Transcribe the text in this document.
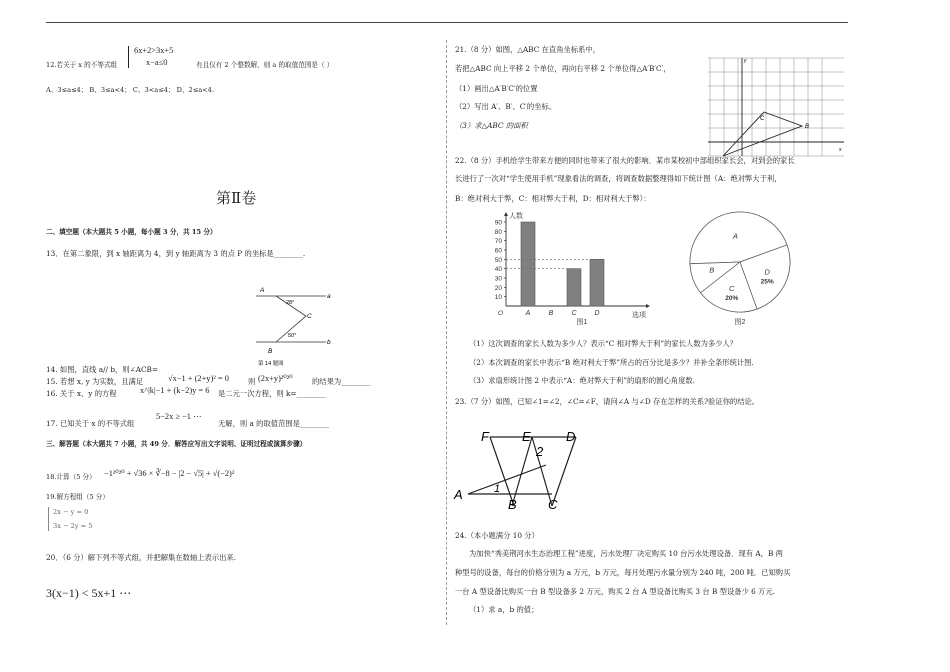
12.若关于 x 的不等式组
6x+2>3x+5
x−a≤0	有且仅有 2 个整数解，则 a 的取值范围是（ ）
A、3≤a≤4； B、3≤a<4； C、3<a≤4； D、2≤a<4.
第Ⅱ卷
二、填空题（本大题共 5 小题，每小题 3 分，共 15 分）
13．在第二象限，到 x 轴距离为 4，到 y 轴距离为 3 的点 P 的坐标是________.
A
a
28°
C
50°
b
B
第 14 题图
14. 如图，直线 a// b，则∠ACB=
15. 若想 x, y 为实数，且满足	√x−1 + (2+y)² = 0	则 (2x+y)²⁰²⁰	的结果为________
16. 关于 x、y 的方程	x^|k|−1 + (k−2)y = 6 是二元一次方程，则 k=________
17. 已知关于 x 的不等式组
5−2x ≥ −1 ⋯
无解，则 a 的取值范围是________
三、解答题（本大题共 7 小题，共 49 分．解答应写出文字说明、证明过程或演算步骤）
18.计算（5 分） −1²⁰²⁰ + √36 × ∛−8 − |2 − √5| + √(−2)²
19.解方程组（5 分）
2x − y = 0
3x − 2y = 5
20．（6 分）解下列不等式组，并把解集在数轴上表示出来.
3(x−1) < 5x+1 ⋯
21.（8 分）如图，△ABC 在直角坐标系中，
若把△ABC 向上平移 2 个单位，再向右平移 2 个单位得△A′B′C′，
（1）画出△A′B′C′的位置
（2）写出 A′、B′、C′的坐标。
（3）求△ABC 的面积	B
C
x
y
22.（8 分）手机给学生带来方便的同时也带来了很大的影响．某市某校初中部组织家长会，对到会的家长
长进行了一次对“学生使用手机”现象看法的调查，将调查数据整理得如下统计图（A：绝对弊大于利，
B：绝对利大于弊，C：相对弊大于利，D：相对利大于弊）：
10
20
30
40
50
60
70
80
90
O
人数
选项
A	B	C	D
图1
A
B
C
20%
D
25%
图2
（1）这次调查的家长人数为多少人？表示“C 相对弊大于利”的家长人数为多少人？
（2）本次调查的家长中表示“B 绝对利大于弊”所占的百分比是多少？并补全条形统计图.
（3）求扇形统计图 2 中表示“A：绝对弊大于利”的扇形的圆心角度数.
23.（7 分）如图，已知∠1=∠2，∠C=∠F，请问∠A 与∠D 存在怎样的关系?验证你的结论。
F	E	D
2
1
A
B C
24.（本小题满分 10 分）
为加快“秀美荆河水生态治理工程”进度，污水处理厂决定购买 10 台污水处理设备．现有 A，B 两
种型号的设备，每台的价格分别为 a 万元，b 万元，每月处理污水量分别为 240 吨，200 吨．已知购买
一台 A 型设备比购买一台 B 型设备多 2 万元，购买 2 台 A 型设备比购买 3 台 B 型设备少 6 万元.
（1）求 a，b 的值；
